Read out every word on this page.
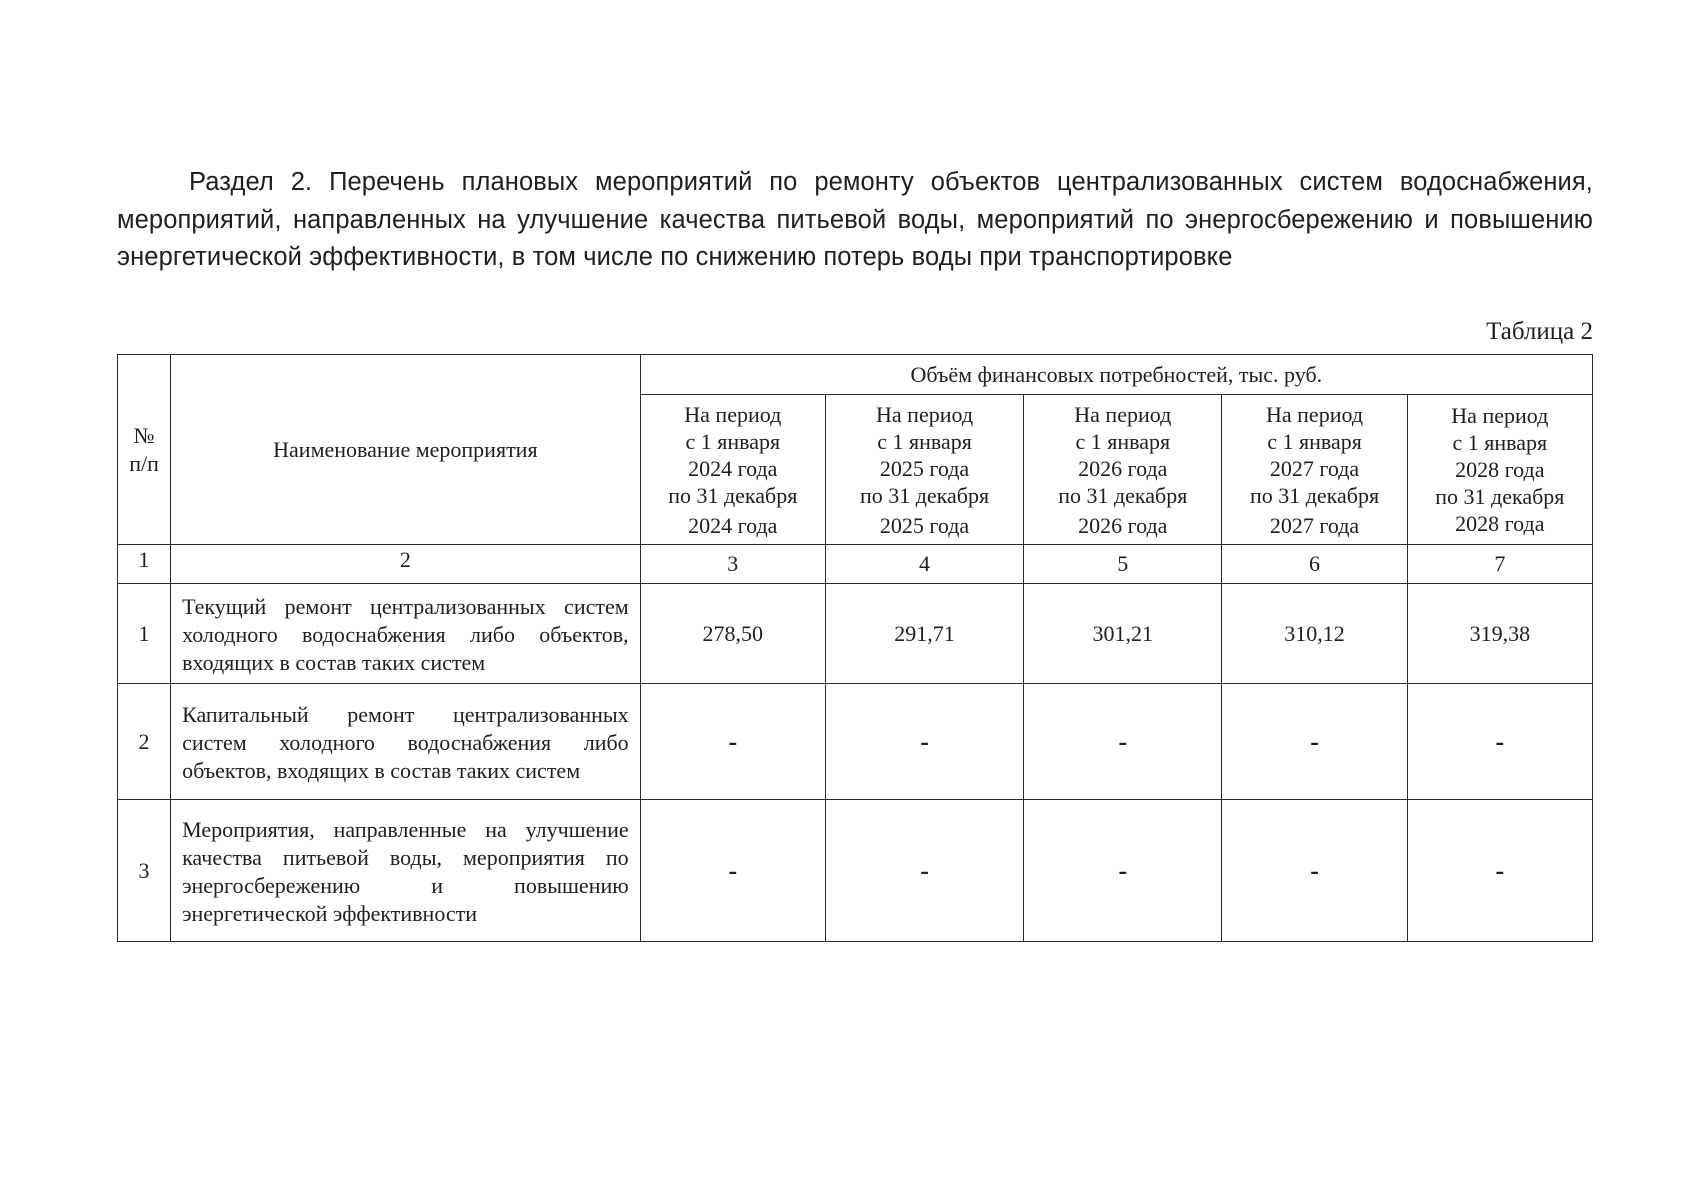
Раздел 2. Перечень плановых мероприятий по ремонту объектов централизованных систем водоснабжения, мероприятий, направленных на улучшение качества питьевой воды, мероприятий по энергосбережению и повышению энергетической эффективности, в том числе по снижению потерь воды при транспортировке
Таблица 2
№ п/п	Наименование мероприятия	Объём финансовых потребностей, тыс. руб.				

		На период
с 1 января
2024 года
по 31 декабря
2024 года	На период
с 1 января
2025 года
по 31 декабря
2025 года	На период
с 1 января
2026 года
по 31 декабря
2026 года	На период
с 1 января
2027 года
по 31 декабря
2027 года	На период
с 1 января
2028 года
по 31 декабря
2028 года

1	2	3	4	5	6	7
1	Текущий ремонт централизованных систем холодного водоснабжения либо объектов, входящих в состав таких систем	278,50	291,71	301,21	310,12	319,38
2	Капитальный ремонт централизованных систем холодного водоснабжения либо объектов, входящих в состав таких систем	-	-	-	-	-
3	Мероприятия, направленные на улучшение качества питьевой воды, мероприятия по энергосбережению и повышению энергетической эффективности	-	-	-	-	-
